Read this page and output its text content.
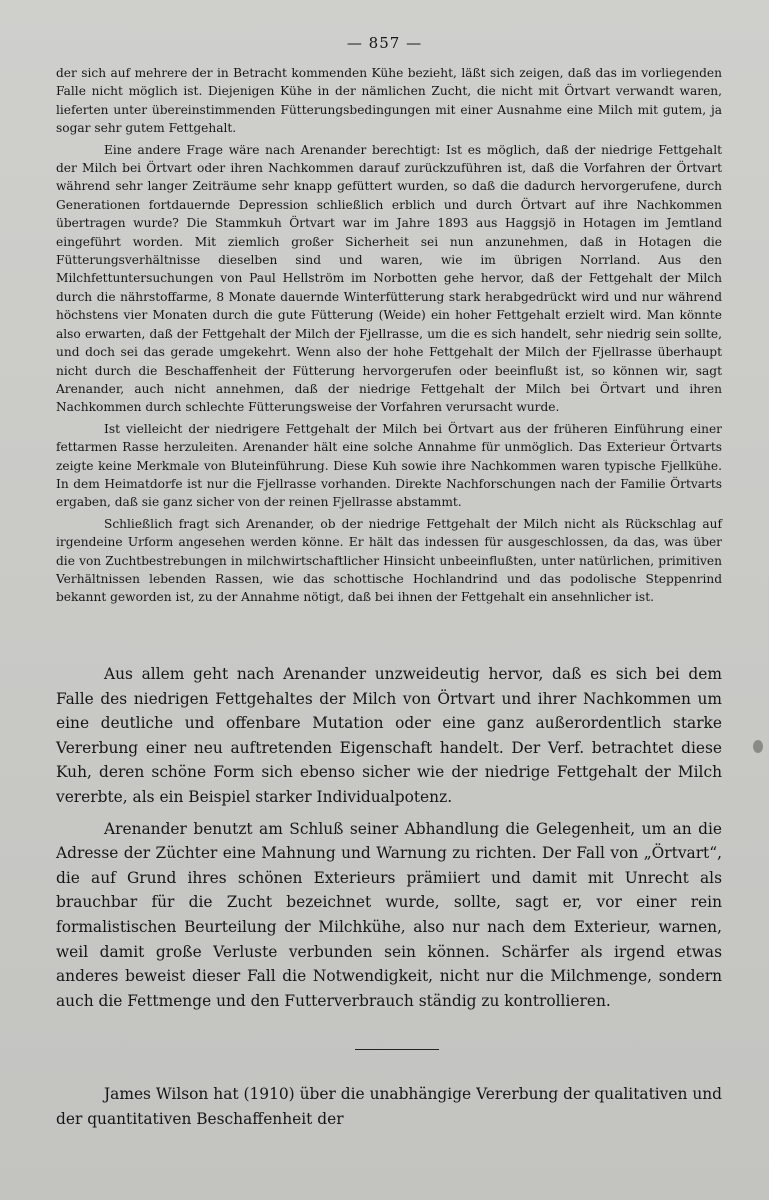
— 857 —

der sich auf mehrere der in Betracht kommenden Kühe bezieht, läßt sich zeigen, daß das im vorliegenden Falle nicht möglich ist. Diejenigen Kühe in der nämlichen Zucht, die nicht mit Örtvart verwandt waren, lieferten unter übereinstimmenden Fütterungsbedingungen mit einer Ausnahme eine Milch mit gutem, ja sogar sehr gutem Fettgehalt.

Eine andere Frage wäre nach Arenander berechtigt: Ist es möglich, daß der niedrige Fettgehalt der Milch bei Örtvart oder ihren Nachkommen darauf zurückzuführen ist, daß die Vorfahren der Örtvart während sehr langer Zeiträume sehr knapp gefüttert wurden, so daß die dadurch hervorgerufene, durch Generationen fortdauernde Depression schließlich erblich und durch Örtvart auf ihre Nachkommen übertragen wurde? Die Stammkuh Örtvart war im Jahre 1893 aus Haggsjö in Hotagen im Jemtland eingeführt worden. Mit ziemlich großer Sicherheit sei nun anzunehmen, daß in Hotagen die Fütterungsverhältnisse dieselben sind und waren, wie im übrigen Norrland. Aus den Milchfettuntersuchungen von Paul Hellström im Norbotten gehe hervor, daß der Fettgehalt der Milch durch die nährstoffarme, 8 Monate dauernde Winterfütterung stark herabgedrückt wird und nur während höchstens vier Monaten durch die gute Fütterung (Weide) ein hoher Fettgehalt erzielt wird. Man könnte also erwarten, daß der Fettgehalt der Milch der Fjellrasse, um die es sich handelt, sehr niedrig sein sollte, und doch sei das gerade umgekehrt. Wenn also der hohe Fettgehalt der Milch der Fjellrasse überhaupt nicht durch die Beschaffenheit der Fütterung hervorgerufen oder beeinflußt ist, so können wir, sagt Arenander, auch nicht annehmen, daß der niedrige Fettgehalt der Milch bei Örtvart und ihren Nachkommen durch schlechte Fütterungsweise der Vorfahren verursacht wurde.

Ist vielleicht der niedrigere Fettgehalt der Milch bei Örtvart aus der früheren Einführung einer fettarmen Rasse herzuleiten. Arenander hält eine solche Annahme für unmöglich. Das Exterieur Örtvarts zeigte keine Merkmale von Bluteinführung. Diese Kuh sowie ihre Nachkommen waren typische Fjellkühe. In dem Heimatdorfe ist nur die Fjellrasse vorhanden. Direkte Nachforschungen nach der Familie Örtvarts ergaben, daß sie ganz sicher von der reinen Fjellrasse abstammt.

Schließlich fragt sich Arenander, ob der niedrige Fettgehalt der Milch nicht als Rückschlag auf irgendeine Urform angesehen werden könne. Er hält das indessen für ausgeschlossen, da das, was über die von Zuchtbestrebungen in milchwirtschaftlicher Hinsicht unbeeinflußten, unter natürlichen, primitiven Verhältnissen lebenden Rassen, wie das schottische Hochlandrind und das podolische Steppenrind bekannt geworden ist, zu der Annahme nötigt, daß bei ihnen der Fettgehalt ein ansehnlicher ist.

Aus allem geht nach Arenander unzweideutig hervor, daß es sich bei dem Falle des niedrigen Fettgehaltes der Milch von Örtvart und ihrer Nachkommen um eine deutliche und offenbare Mutation oder eine ganz außerordentlich starke Vererbung einer neu auftretenden Eigenschaft handelt. Der Verf. betrachtet diese Kuh, deren schöne Form sich ebenso sicher wie der niedrige Fettgehalt der Milch vererbte, als ein Beispiel starker Individualpotenz.

Arenander benutzt am Schluß seiner Abhandlung die Gelegenheit, um an die Adresse der Züchter eine Mahnung und Warnung zu richten. Der Fall von „Örtvart“, die auf Grund ihres schönen Exterieurs prämiiert und damit mit Unrecht als brauchbar für die Zucht bezeichnet wurde, sollte, sagt er, vor einer rein formalistischen Beurteilung der Milchkühe, also nur nach dem Exterieur, warnen, weil damit große Verluste verbunden sein können. Schärfer als irgend etwas anderes beweist dieser Fall die Notwendigkeit, nicht nur die Milchmenge, sondern auch die Fettmenge und den Futterverbrauch ständig zu kontrollieren.

James Wilson hat (1910) über die unabhängige Vererbung der qualitativen und der quantitativen Beschaffenheit der
